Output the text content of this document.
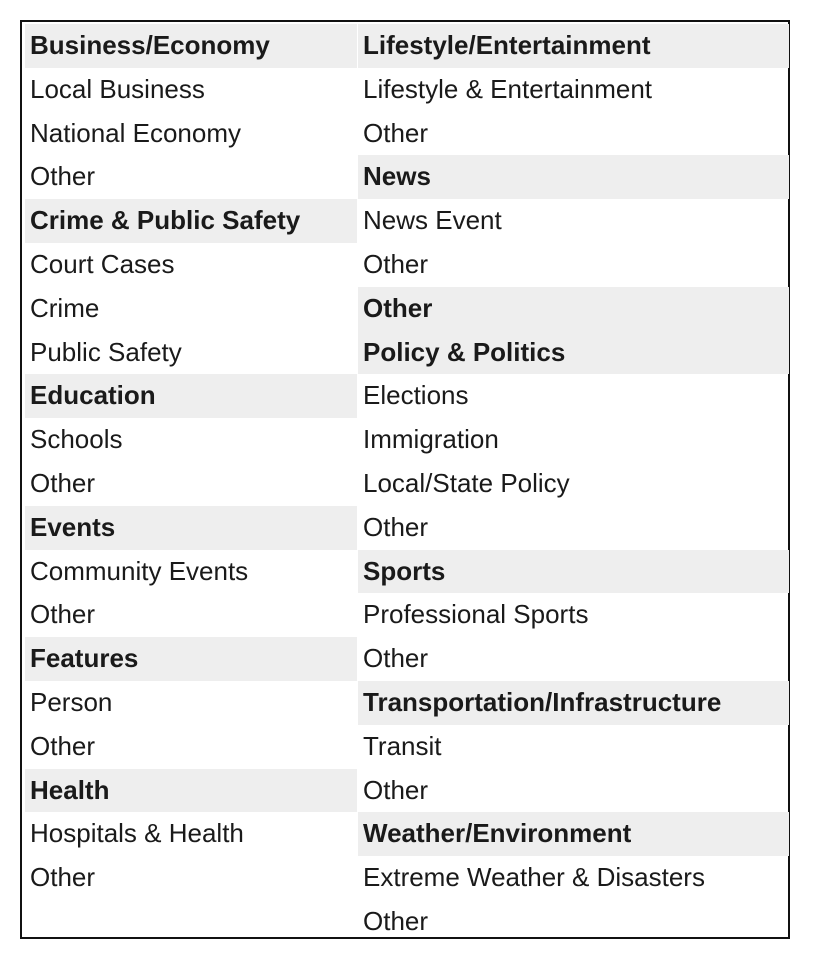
Business/Economy
Local Business
National Economy
Other
Crime & Public Safety
Court Cases
Crime
Public Safety
Education
Schools
Other
Events
Community Events
Other
Features
Person
Other
Health
Hospitals & Health
Other
Lifestyle/Entertainment
Lifestyle & Entertainment
Other
News
News Event
Other
Other
Policy & Politics
Elections
Immigration
Local/State Policy
Other
Sports
Professional Sports
Other
Transportation/Infrastructure
Transit
Other
Weather/Environment
Extreme Weather & Disasters
Other
